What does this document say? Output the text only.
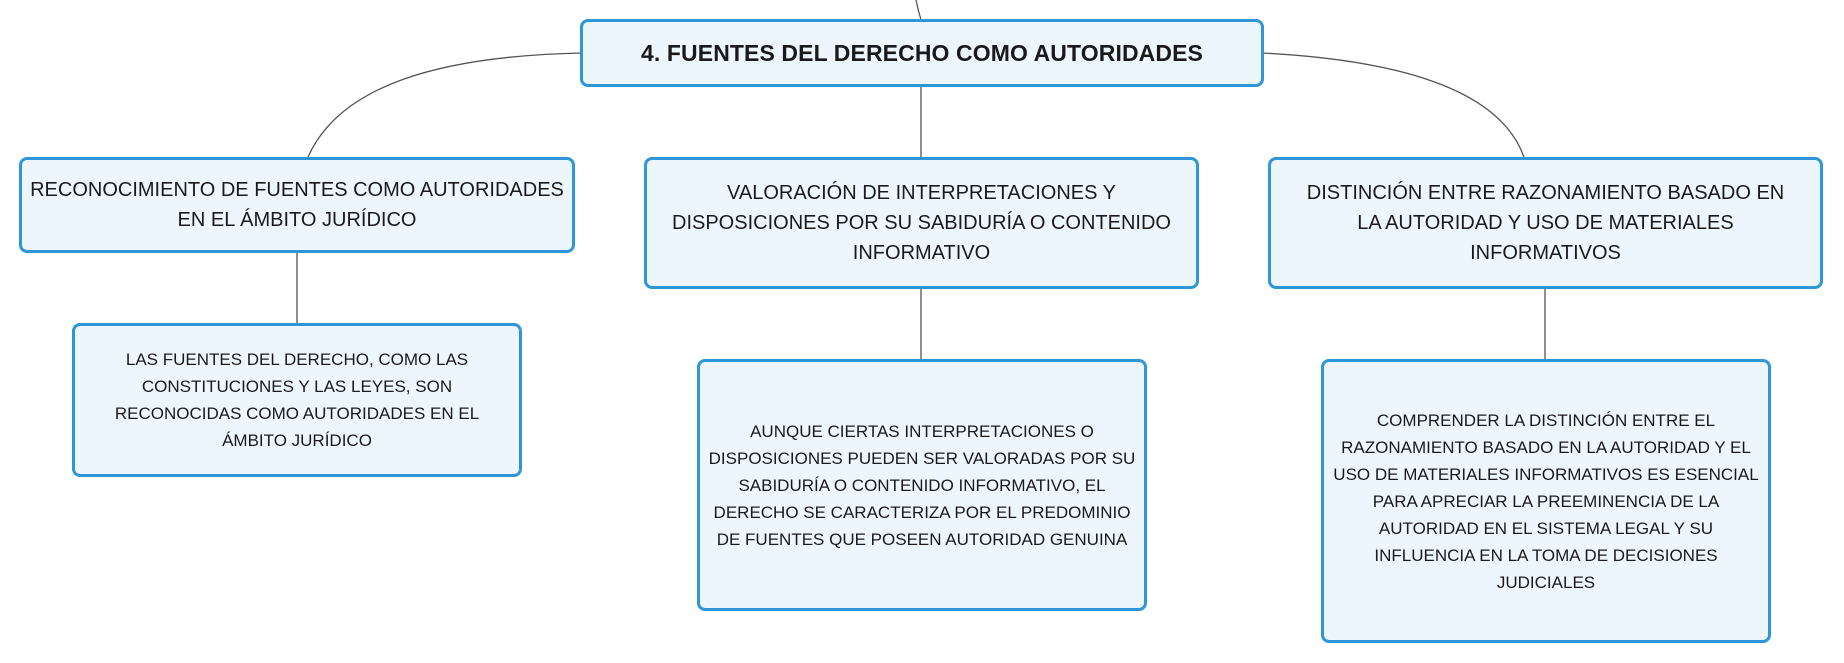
4. FUENTES DEL DERECHO COMO AUTORIDADES
RECONOCIMIENTO DE FUENTES COMO AUTORIDADES EN EL ÁMBITO JURÍDICO
VALORACIÓN DE INTERPRETACIONES Y DISPOSICIONES POR SU SABIDURÍA O CONTENIDO INFORMATIVO
DISTINCIÓN ENTRE RAZONAMIENTO BASADO EN LA AUTORIDAD Y USO DE MATERIALES INFORMATIVOS
LAS FUENTES DEL DERECHO, COMO LAS CONSTITUCIONES Y LAS LEYES, SON RECONOCIDAS COMO AUTORIDADES EN EL ÁMBITO JURÍDICO	AUNQUE CIERTAS INTERPRETACIONES O DISPOSICIONES PUEDEN SER VALORADAS POR SU SABIDURÍA O CONTENIDO INFORMATIVO, EL DERECHO SE CARACTERIZA POR EL PREDOMINIO DE FUENTES QUE POSEEN AUTORIDAD GENUINA
COMPRENDER LA DISTINCIÓN ENTRE EL RAZONAMIENTO BASADO EN LA AUTORIDAD Y EL USO DE MATERIALES INFORMATIVOS ES ESENCIAL PARA APRECIAR LA PREEMINENCIA DE LA AUTORIDAD EN EL SISTEMA LEGAL Y SU INFLUENCIA EN LA TOMA DE DECISIONES JUDICIALES
